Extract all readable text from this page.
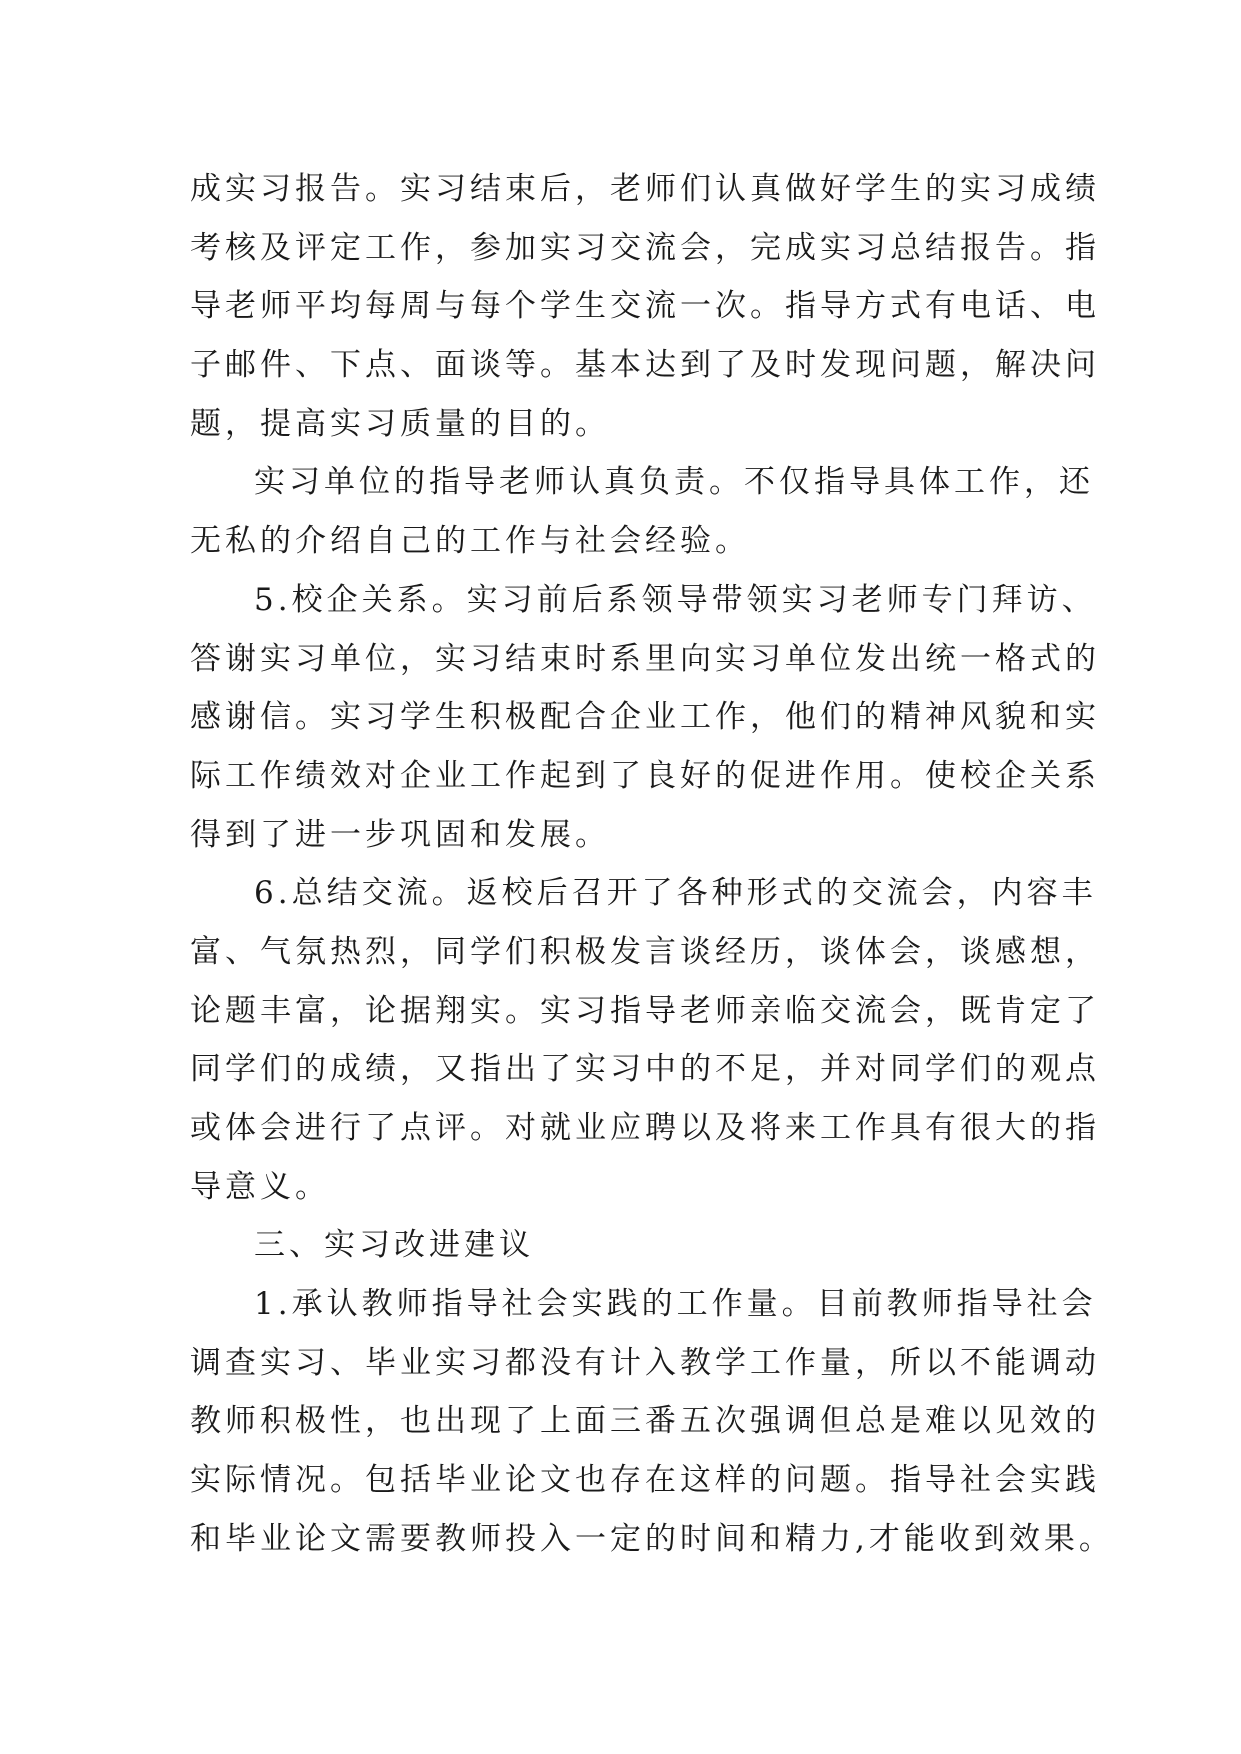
成实习报告。实习结束后，老师们认真做好学生的实习成绩
考核及评定工作，参加实习交流会，完成实习总结报告。指
导老师平均每周与每个学生交流一次。指导方式有电话、电
子邮件、下点、面谈等。基本达到了及时发现问题，解决问
题，提高实习质量的目的。
实习单位的指导老师认真负责。不仅指导具体工作，还
无私的介绍自己的工作与社会经验。
5.校企关系。实习前后系领导带领实习老师专门拜访、
答谢实习单位，实习结束时系里向实习单位发出统一格式的
感谢信。实习学生积极配合企业工作，他们的精神风貌和实
际工作绩效对企业工作起到了良好的促进作用。使校企关系
得到了进一步巩固和发展。
6.总结交流。返校后召开了各种形式的交流会，内容丰
富、气氛热烈，同学们积极发言谈经历，谈体会，谈感想，
论题丰富，论据翔实。实习指导老师亲临交流会，既肯定了
同学们的成绩，又指出了实习中的不足，并对同学们的观点
或体会进行了点评。对就业应聘以及将来工作具有很大的指
导意义。
三、实习改进建议
1.承认教师指导社会实践的工作量。目前教师指导社会
调查实习、毕业实习都没有计入教学工作量，所以不能调动
教师积极性，也出现了上面三番五次强调但总是难以见效的
实际情况。包括毕业论文也存在这样的问题。指导社会实践
和毕业论文需要教师投入一定的时间和精力,才能收到效果。
